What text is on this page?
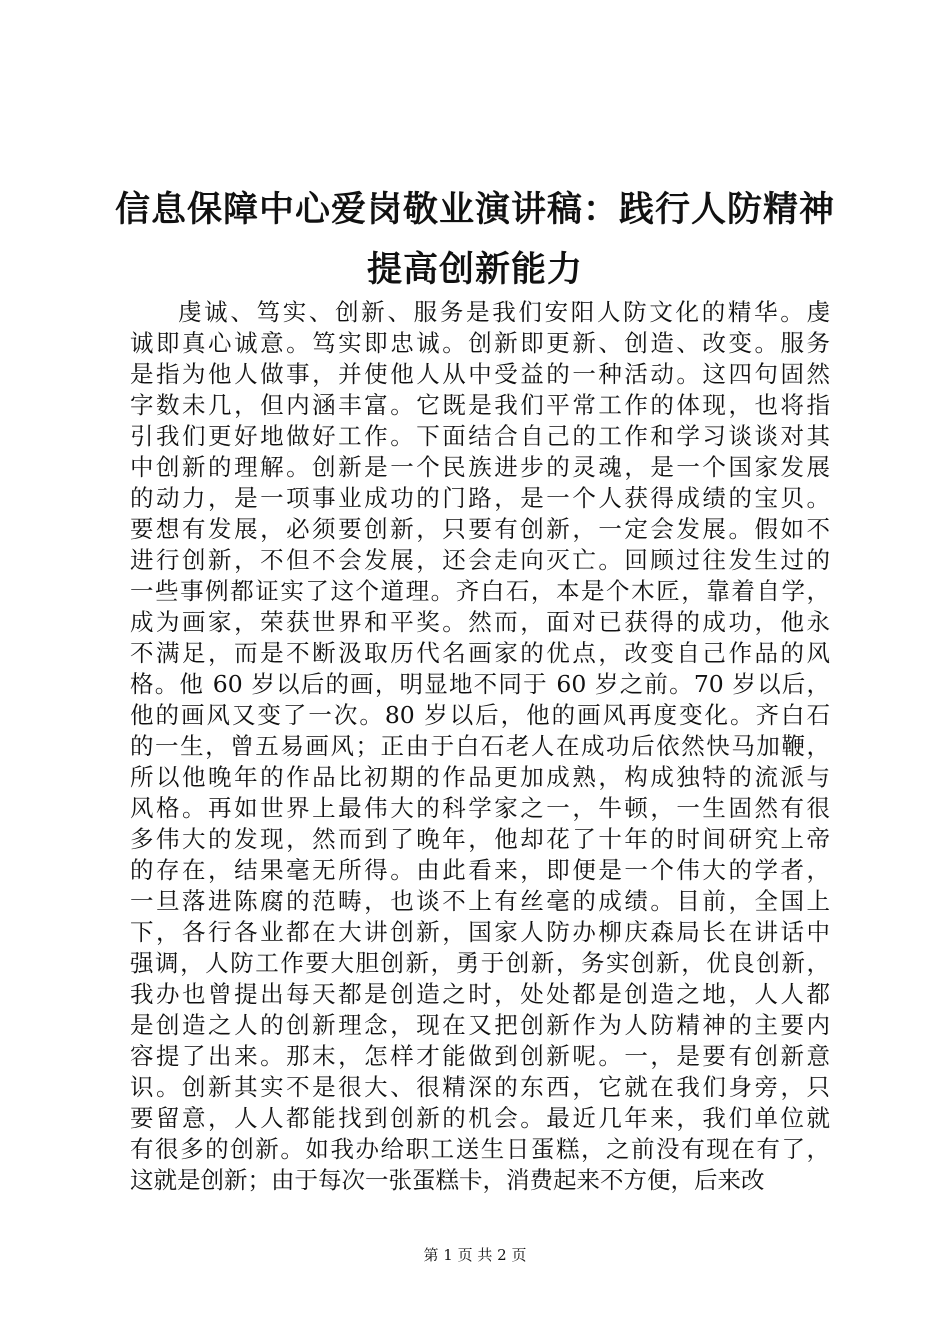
信息保障中心爱岗敬业演讲稿：践行人防精神
提高创新能力
虔诚、笃实、创新、服务是我们安阳人防文化的精华。虔
诚即真心诚意。笃实即忠诚。创新即更新、创造、改变。服务
是指为他人做事，并使他人从中受益的一种活动。这四句固然
字数未几，但内涵丰富。它既是我们平常工作的体现，也将指
引我们更好地做好工作。下面结合自己的工作和学习谈谈对其
中创新的理解。创新是一个民族进步的灵魂，是一个国家发展
的动力，是一项事业成功的门路，是一个人获得成绩的宝贝。
要想有发展，必须要创新，只要有创新，一定会发展。假如不
进行创新，不但不会发展，还会走向灭亡。回顾过往发生过的
一些事例都证实了这个道理。齐白石，本是个木匠，靠着自学，
成为画家，荣获世界和平奖。然而，面对已获得的成功，他永
不满足，而是不断汲取历代名画家的优点，改变自己作品的风
格。他 60 岁以后的画，明显地不同于 60 岁之前。70 岁以后，
他的画风又变了一次。80 岁以后，他的画风再度变化。齐白石
的一生，曾五易画风；正由于白石老人在成功后依然快马加鞭，
所以他晚年的作品比初期的作品更加成熟，构成独特的流派与
风格。再如世界上最伟大的科学家之一，牛顿，一生固然有很
多伟大的发现，然而到了晚年，他却花了十年的时间研究上帝
的存在，结果毫无所得。由此看来，即便是一个伟大的学者，
一旦落进陈腐的范畴，也谈不上有丝毫的成绩。目前，全国上
下，各行各业都在大讲创新，国家人防办柳庆森局长在讲话中
强调，人防工作要大胆创新，勇于创新，务实创新，优良创新，
我办也曾提出每天都是创造之时，处处都是创造之地，人人都
是创造之人的创新理念，现在又把创新作为人防精神的主要内
容提了出来。那末，怎样才能做到创新呢。一，是要有创新意
识。创新其实不是很大、很精深的东西，它就在我们身旁，只
要留意，人人都能找到创新的机会。最近几年来，我们单位就
有很多的创新。如我办给职工送生日蛋糕，之前没有现在有了，
这就是创新；由于每次一张蛋糕卡，消费起来不方便，后来改
第 1 页 共 2 页
